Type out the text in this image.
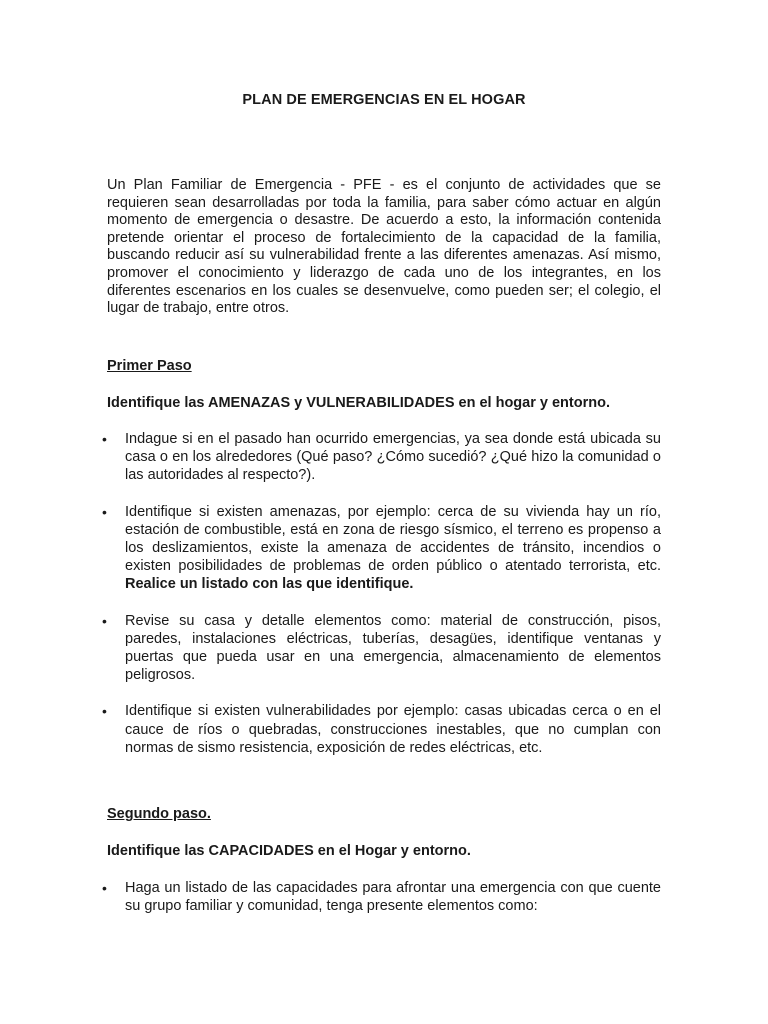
PLAN DE EMERGENCIAS EN EL HOGAR

Un Plan Familiar de Emergencia - PFE - es el conjunto de actividades que se requieren sean desarrolladas por toda la familia, para saber cómo actuar en algún momento de emergencia o desastre. De acuerdo a esto, la información contenida pretende orientar el proceso de fortalecimiento de la capacidad de la familia, buscando reducir así su vulnerabilidad frente a las diferentes amenazas. Así mismo, promover el conocimiento y liderazgo de cada uno de los integrantes, en los diferentes escenarios en los cuales se desenvuelve, como pueden ser; el colegio, el lugar de trabajo, entre otros.

Primer Paso

Identifique las AMENAZAS y VULNERABILIDADES en el hogar y entorno.

• Indague si en el pasado han ocurrido emergencias, ya sea donde está ubicada su casa o en los alrededores (Qué paso? ¿Cómo sucedió? ¿Qué hizo la comunidad o las autoridades al respecto?).
• Identifique si existen amenazas, por ejemplo: cerca de su vivienda hay un río, estación de combustible, está en zona de riesgo sísmico, el terreno es propenso a los deslizamientos, existe la amenaza de accidentes de tránsito, incendios o existen posibilidades de problemas de orden público o atentado terrorista, etc. Realice un listado con las que identifique.
• Revise su casa y detalle elementos como: material de construcción, pisos, paredes, instalaciones eléctricas, tuberías, desagües, identifique ventanas y puertas que pueda usar en una emergencia, almacenamiento de elementos peligrosos.
• Identifique si existen vulnerabilidades por ejemplo: casas ubicadas cerca o en el cauce de ríos o quebradas, construcciones inestables, que no cumplan con normas de sismo resistencia, exposición de redes eléctricas, etc.

Segundo paso.

Identifique las CAPACIDADES en el Hogar y entorno.

• Haga un listado de las capacidades para afrontar una emergencia con que cuente su grupo familiar y comunidad, tenga presente elementos como:
